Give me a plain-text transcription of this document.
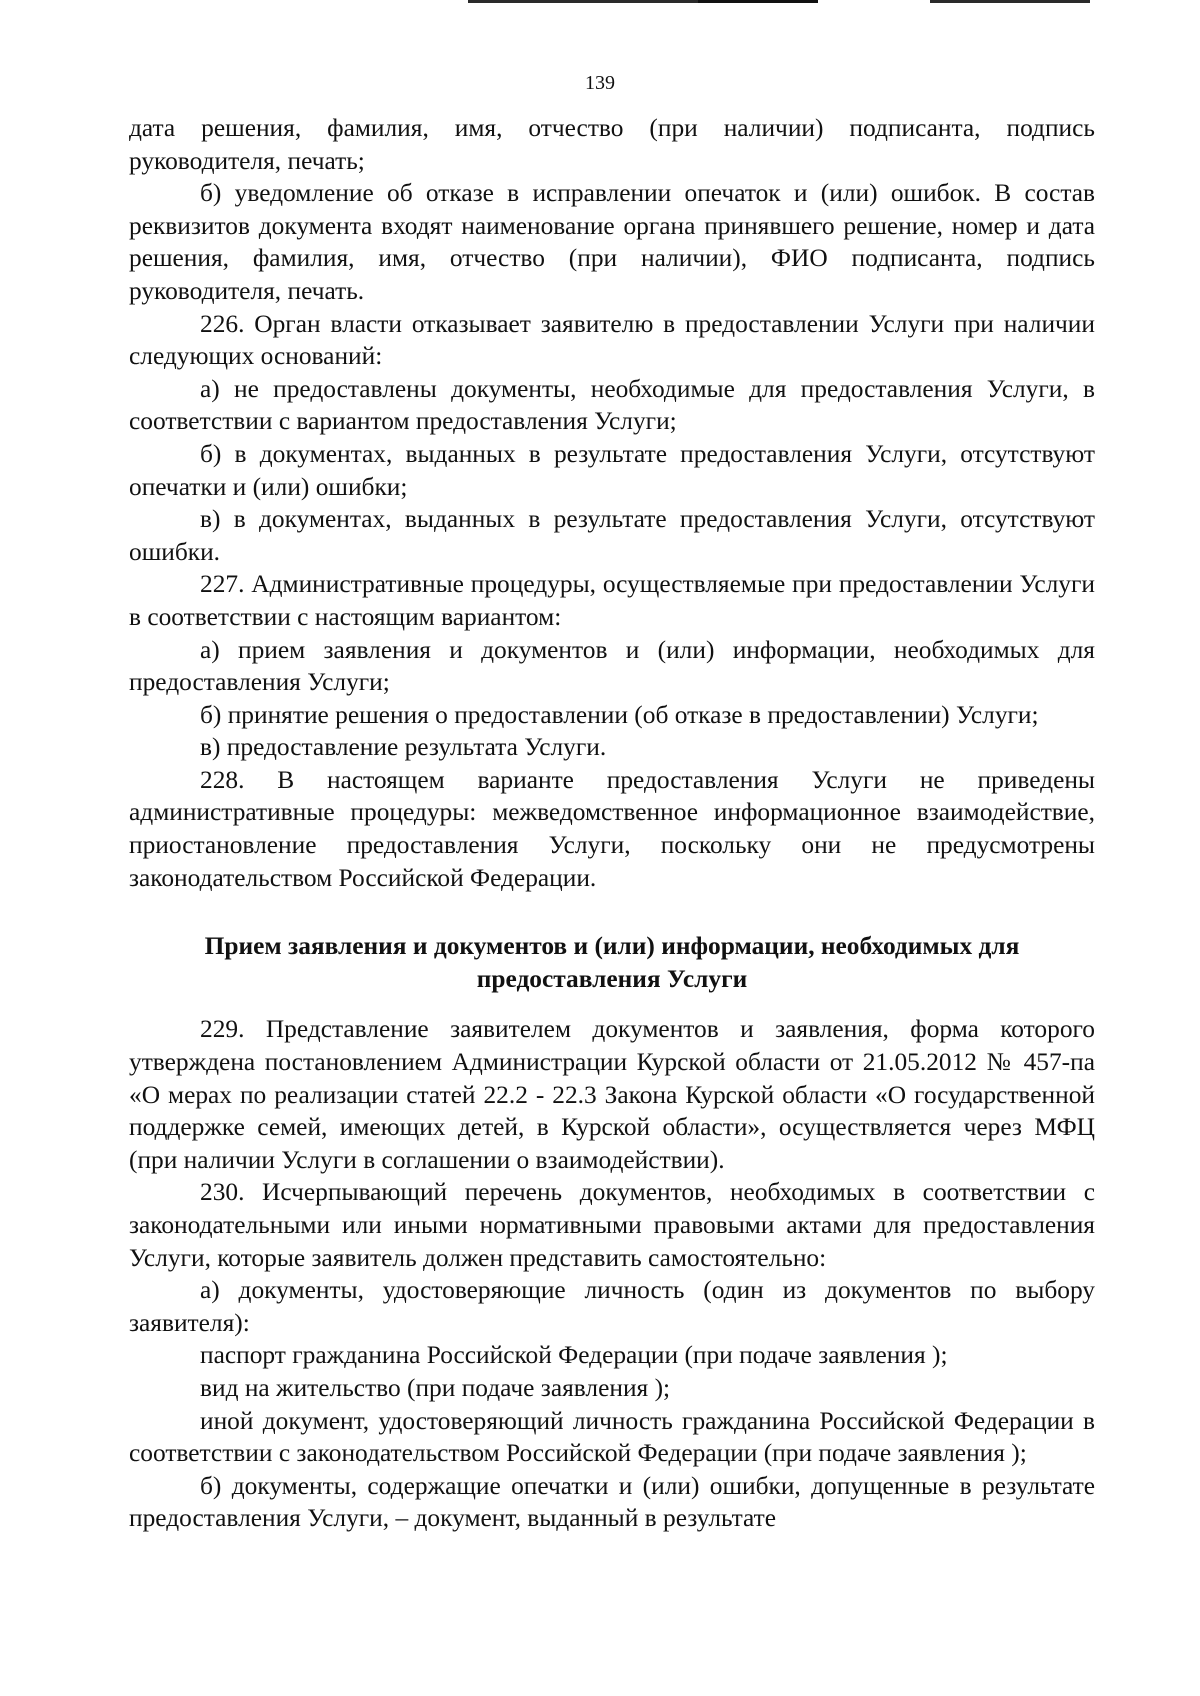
139

дата решения, фамилия, имя, отчество (при наличии) подписанта, подпись руководителя, печать;

б) уведомление об отказе в исправлении опечаток и (или) ошибок. В состав реквизитов документа входят наименование органа принявшего решение, номер и дата решения, фамилия, имя, отчество (при наличии), ФИО подписанта, подпись руководителя, печать.

226. Орган власти отказывает заявителю в предоставлении Услуги при наличии следующих оснований:

а) не предоставлены документы, необходимые для предоставления Услуги, в соответствии с вариантом предоставления Услуги;

б) в документах, выданных в результате предоставления Услуги, отсутствуют опечатки и (или) ошибки;

в) в документах, выданных в результате предоставления Услуги, отсутствуют ошибки.

227. Административные процедуры, осуществляемые при предоставлении Услуги в соответствии с настоящим вариантом:

а) прием заявления и документов и (или) информации, необходимых для предоставления Услуги;

б) принятие решения о предоставлении (об отказе в предоставлении) Услуги;

в) предоставление результата Услуги.

228. В настоящем варианте предоставления Услуги не приведены административные процедуры: межведомственное информационное взаимодействие, приостановление предоставления Услуги, поскольку они не предусмотрены законодательством Российской Федерации.

Прием заявления и документов и (или) информации, необходимых для предоставления Услуги

229. Представление заявителем документов и заявления, форма которого утверждена постановлением Администрации Курской области от 21.05.2012 № 457-па «О мерах по реализации статей 22.2 - 22.3 Закона Курской области «О государственной поддержке семей, имеющих детей, в Курской области», осуществляется через МФЦ (при наличии Услуги в соглашении о взаимодействии).

230. Исчерпывающий перечень документов, необходимых в соответствии с законодательными или иными нормативными правовыми актами для предоставления Услуги, которые заявитель должен представить самостоятельно:

а) документы, удостоверяющие личность (один из документов по выбору заявителя):

паспорт гражданина Российской Федерации (при подаче заявления );

вид на жительство (при подаче заявления );

иной документ, удостоверяющий личность гражданина Российской Федерации в соответствии с законодательством Российской Федерации (при подаче заявления );

б) документы, содержащие опечатки и (или) ошибки, допущенные в результате предоставления Услуги, – документ, выданный в результате
